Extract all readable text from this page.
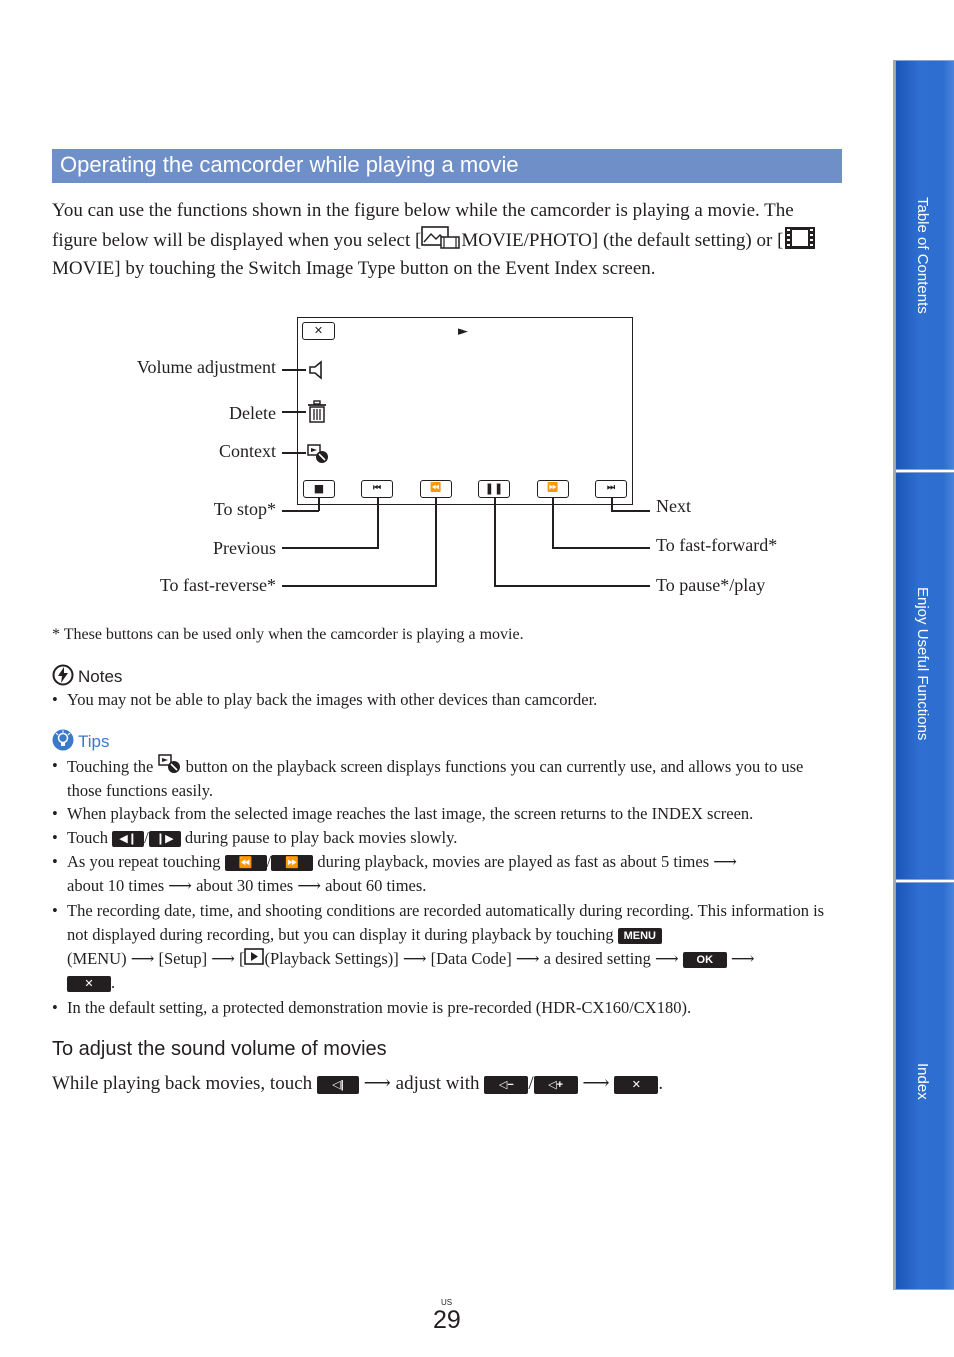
Table of Contents
Enjoy Useful Functions
Index
Operating the camcorder while playing a movie
You can use the functions shown in the figure below while the camcorder is playing a movie. The figure below will be displayed when you select [ MOVIE/PHOTO] (the default setting) or [MOVIE] by touching the Switch Image Type button on the Event Index screen.
✕	►
■	⏮	⏪	❚❚	⏩	⏭
Volume adjustment
Delete
Context
To stop*
Previous
To fast-reverse*
Next
To fast-forward*
To pause*/play
* These buttons can be used only when the camcorder is playing a movie.
Notes
• You may not be able to play back the images with other devices than camcorder.
Tips
• Touching the button on the playback screen displays functions you can currently use, and allows you to use those functions easily.
• When playback from the selected image reaches the last image, the screen returns to the INDEX screen.
• Touch ◀❙ / ❙▶ during pause to play back movies slowly.
• As you repeat touching ⏪ / ⏩ during playback, movies are played as fast as about 5 times ⟶
about 10 times ⟶ about 30 times ⟶ about 60 times.
• The recording date, time, and shooting conditions are recorded automatically during recording. This information is not displayed during recording, but you can display it during playback by touching MENU
(MENU) ⟶ [Setup] ⟶ [ (Playback Settings)] ⟶ [Data Code] ⟶ a desired setting ⟶ OK ⟶
✕ .
• In the default setting, a protected demonstration movie is pre-recorded (HDR-CX160/CX180).
To adjust the sound volume of movies
While playing back movies, touch ◁| ⟶ adjust with ◁− / ◁+ ⟶ ✕ .
US
29
